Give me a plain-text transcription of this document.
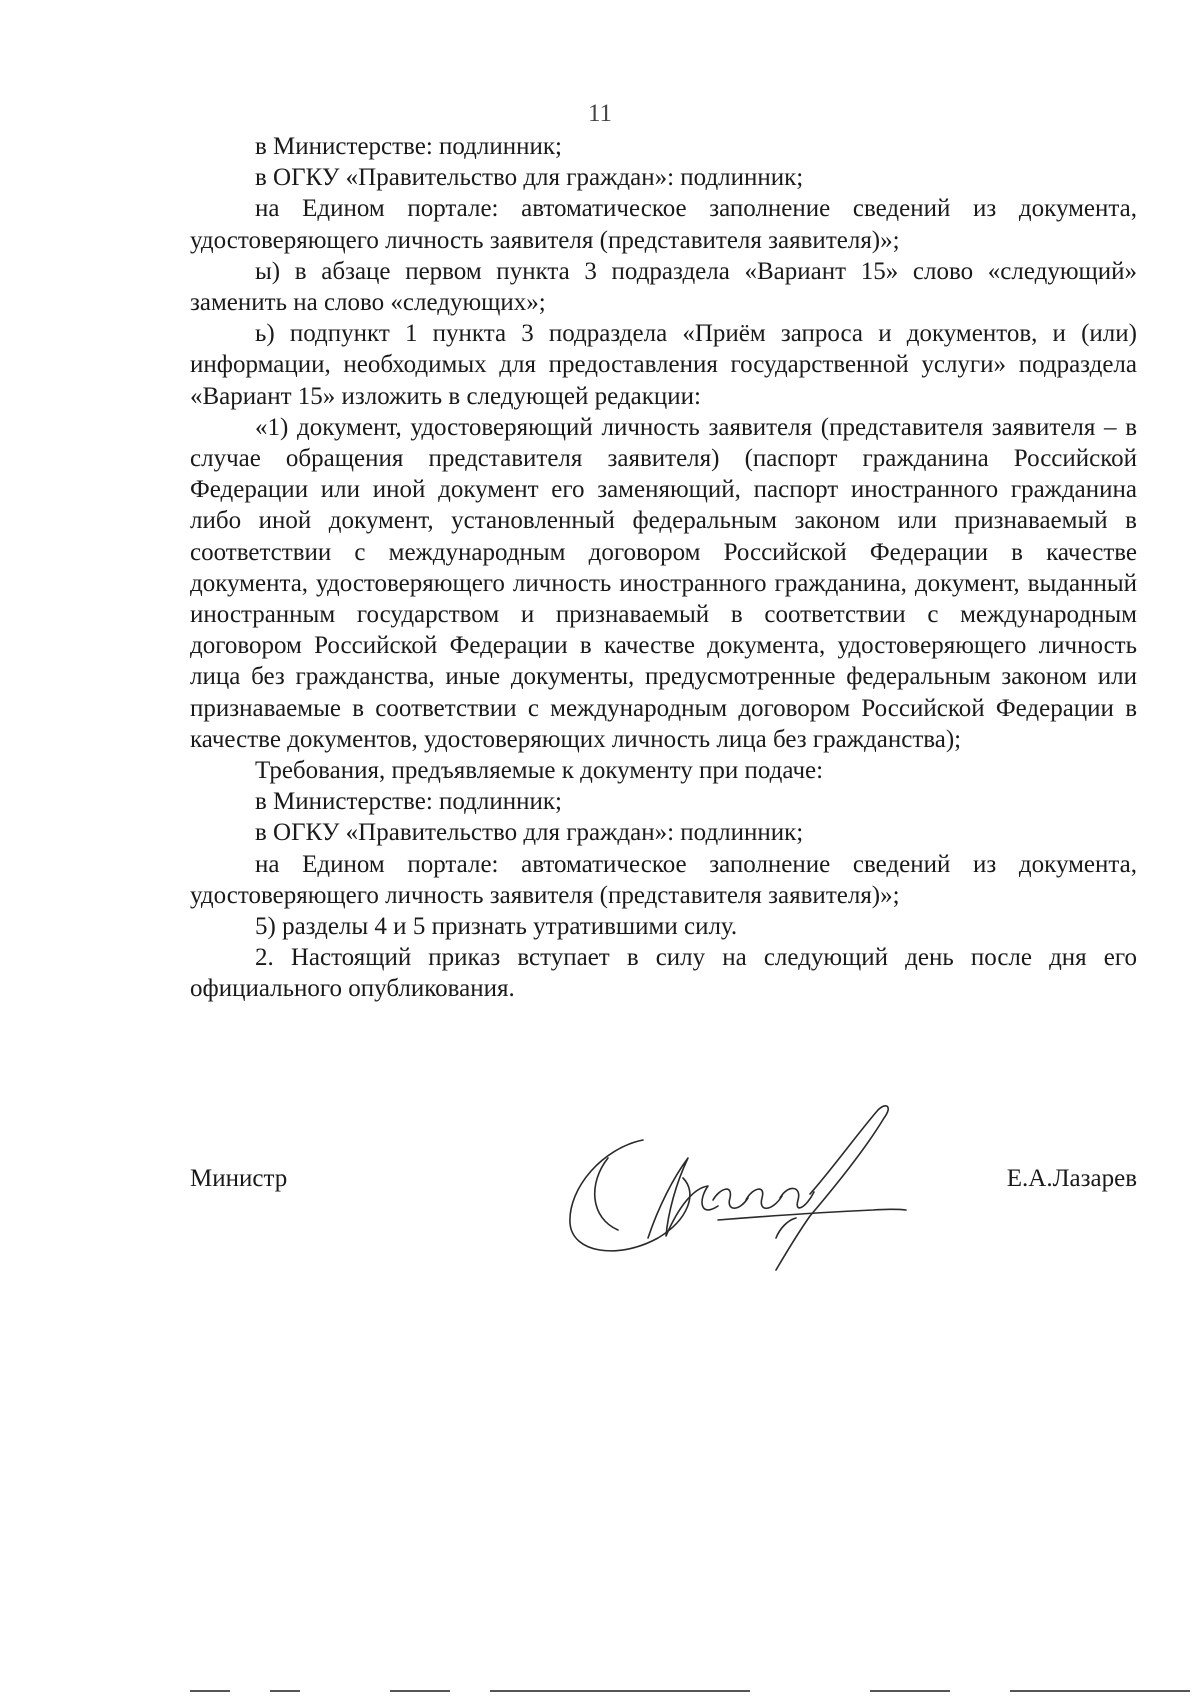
11

в Министерстве: подлинник;

в ОГКУ «Правительство для граждан»: подлинник;

на Едином портале: автоматическое заполнение сведений из документа, удостоверяющего личность заявителя (представителя заявителя)»;

ы) в абзаце первом пункта 3 подраздела «Вариант 15» слово «следующий» заменить на слово «следующих»;

ь) подпункт 1 пункта 3 подраздела «Приём запроса и документов, и (или) информации, необходимых для предоставления государственной услуги» подраздела «Вариант 15» изложить в следующей редакции:

«1) документ, удостоверяющий личность заявителя (представителя заявителя – в случае обращения представителя заявителя) (паспорт гражданина Российской Федерации или иной документ его заменяющий, паспорт иностранного гражданина либо иной документ, установленный федеральным законом или признаваемый в соответствии с международным договором Российской Федерации в качестве документа, удостоверяющего личность иностранного гражданина, документ, выданный иностранным государством и признаваемый в соответствии с международным договором Российской Федерации в качестве документа, удостоверяющего личность лица без гражданства, иные документы, предусмотренные федеральным законом или признаваемые в соответствии с международным договором Российской Федерации в качестве документов, удостоверяющих личность лица без гражданства);

Требования, предъявляемые к документу при подаче:

в Министерстве: подлинник;

в ОГКУ «Правительство для граждан»: подлинник;

на Едином портале: автоматическое заполнение сведений из документа, удостоверяющего личность заявителя (представителя заявителя)»;

5) разделы 4 и 5 признать утратившими силу.

2. Настоящий приказ вступает в силу на следующий день после дня его официального опубликования.

Министр	Е.А.Лазарев
